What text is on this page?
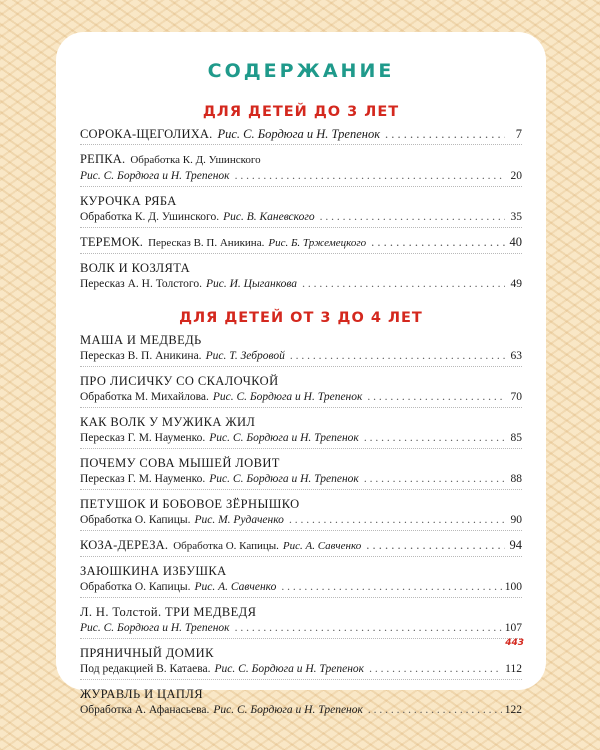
СОДЕРЖАНИЕ
ДЛЯ ДЕТЕЙ ДО 3 ЛЕТ
СОРОКА-ЩЕГОЛИХА. Рис. С. Бордюга и Н. Трепенок . . .	7
РЕПКА. Обработка К. Д. Ушинского
Рис. С. Бордюга и Н. Трепенок . . .	20
КУРОЧКА РЯБА
Обработка К. Д. Ушинского. Рис. В. Каневского . . .	35
ТЕРЕМОК. Пересказ В. П. Аникина. Рис. Б. Тржемецкого . . .	40
ВОЛК И КОЗЛЯТА
Пересказ А. Н. Толстого. Рис. И. Цыганкова . . .	49
ДЛЯ ДЕТЕЙ ОТ 3 ДО 4 ЛЕТ
МАША И МЕДВЕДЬ
Пересказ В. П. Аникина. Рис. Т. Зебровой . . .	63
ПРО ЛИСИЧКУ СО СКАЛОЧКОЙ
Обработка М. Михайлова. Рис. С. Бордюга и Н. Трепенок . . .	70
КАК ВОЛК У МУЖИКА ЖИЛ
Пересказ Г. М. Науменко. Рис. С. Бордюга и Н. Трепенок . . .	85
ПОЧЕМУ СОВА МЫШЕЙ ЛОВИТ
Пересказ Г. М. Науменко. Рис. С. Бордюга и Н. Трепенок . . .	88
ПЕТУШОК И БОБОВОЕ ЗЁРНЫШКО
Обработка О. Капицы. Рис. М. Рудаченко . . .	90
КОЗА-ДЕРЕЗА. Обработка О. Капицы. Рис. А. Савченко . . .	94
ЗАЮШКИНА ИЗБУШКА
Обработка О. Капицы. Рис. А. Савченко . . .	100
Л. Н. Толстой. ТРИ МЕДВЕДЯ
Рис. С. Бордюга и Н. Трепенок . . .	107
ПРЯНИЧНЫЙ ДОМИК
Под редакцией В. Катаева. Рис. С. Бордюга и Н. Трепенок . . .	112
ЖУРАВЛЬ И ЦАПЛЯ
Обработка А. Афанасьева. Рис. С. Бордюга и Н. Трепенок . . .	122
443
